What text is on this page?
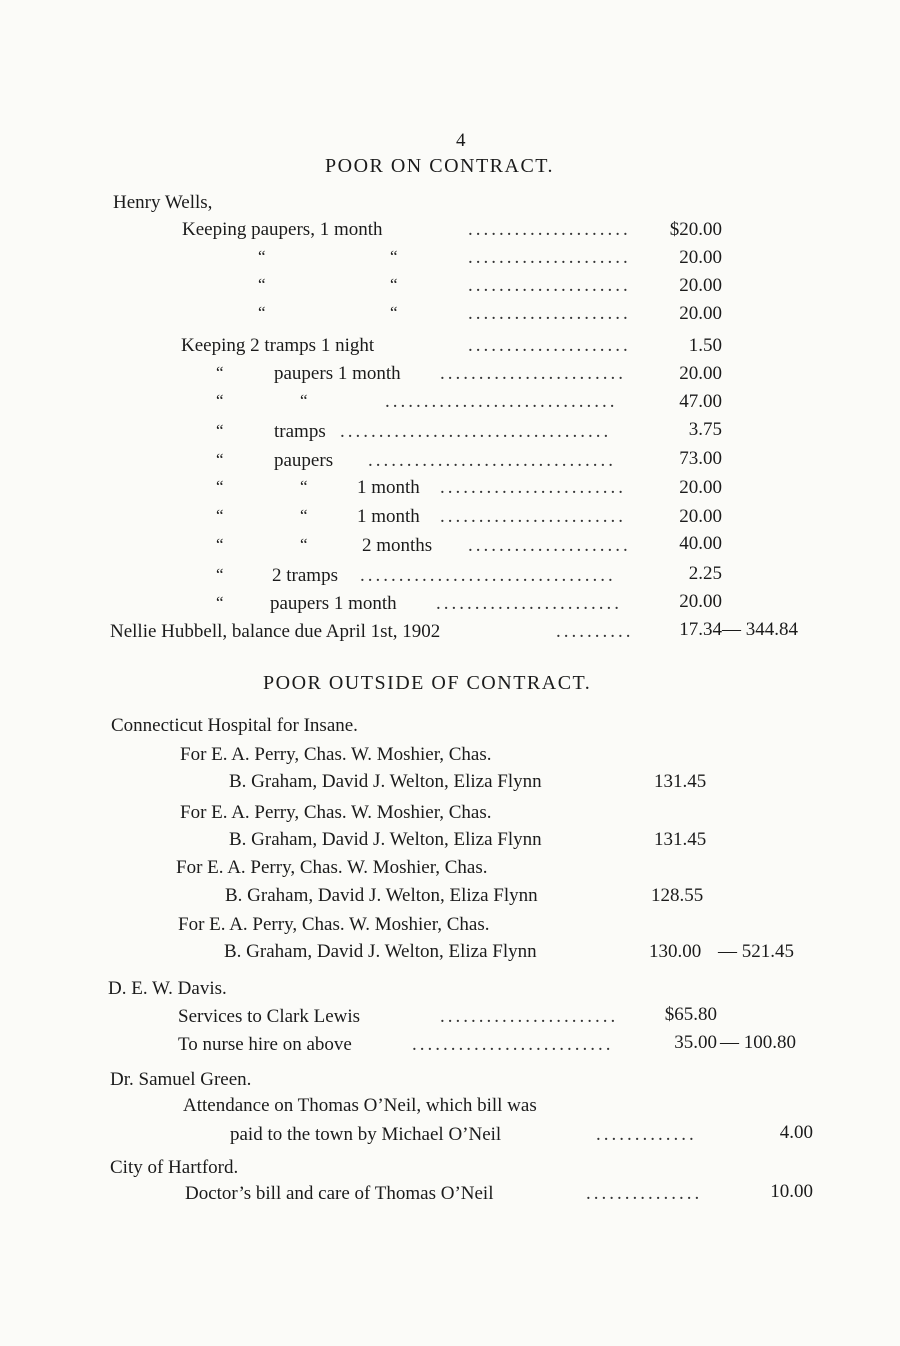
4
POOR ON CONTRACT.
Henry Wells,
Keeping paupers, 1 month	.....................	$20.00
“	“	.....................	20.00
“	“	.....................	20.00
“	“	.....................	20.00
Keeping 2 tramps 1 night	.....................	1.50
“	paupers 1 month ........................	20.00
“	“	..............................	47.00
“	tramps ...................................	3.75
“	paupers ................................	73.00
“	“	1 month ........................	20.00
“	“	1 month ........................	20.00
“	“	2 months .....................	40.00
“	2 tramps .................................	2.25
“ paupers 1 month ........................	20.00
Nellie Hubbell, balance due April 1st, 1902	..........	17.34 — 344.84
POOR OUTSIDE OF CONTRACT.
Connecticut Hospital for Insane.
For E. A. Perry, Chas. W. Moshier, Chas.
B. Graham, David J. Welton, Eliza Flynn	131.45
For E. A. Perry, Chas. W. Moshier, Chas.
B. Graham, David J. Welton, Eliza Flynn	131.45
For E. A. Perry, Chas. W. Moshier, Chas.
B. Graham, David J. Welton, Eliza Flynn	128.55
For E. A. Perry, Chas. W. Moshier, Chas.
B. Graham, David J. Welton, Eliza Flynn	130.00 — 521.45
D. E. W. Davis.
Services to Clark Lewis	.......................	$65.80
To nurse hire on above	..........................	35.00 — 100.80
Dr. Samuel Green.
Attendance on Thomas O’Neil, which bill was
paid to the town by Michael O’Neil	.............	4.00
City of Hartford.
Doctor’s bill and care of Thomas O’Neil	...............	10.00
